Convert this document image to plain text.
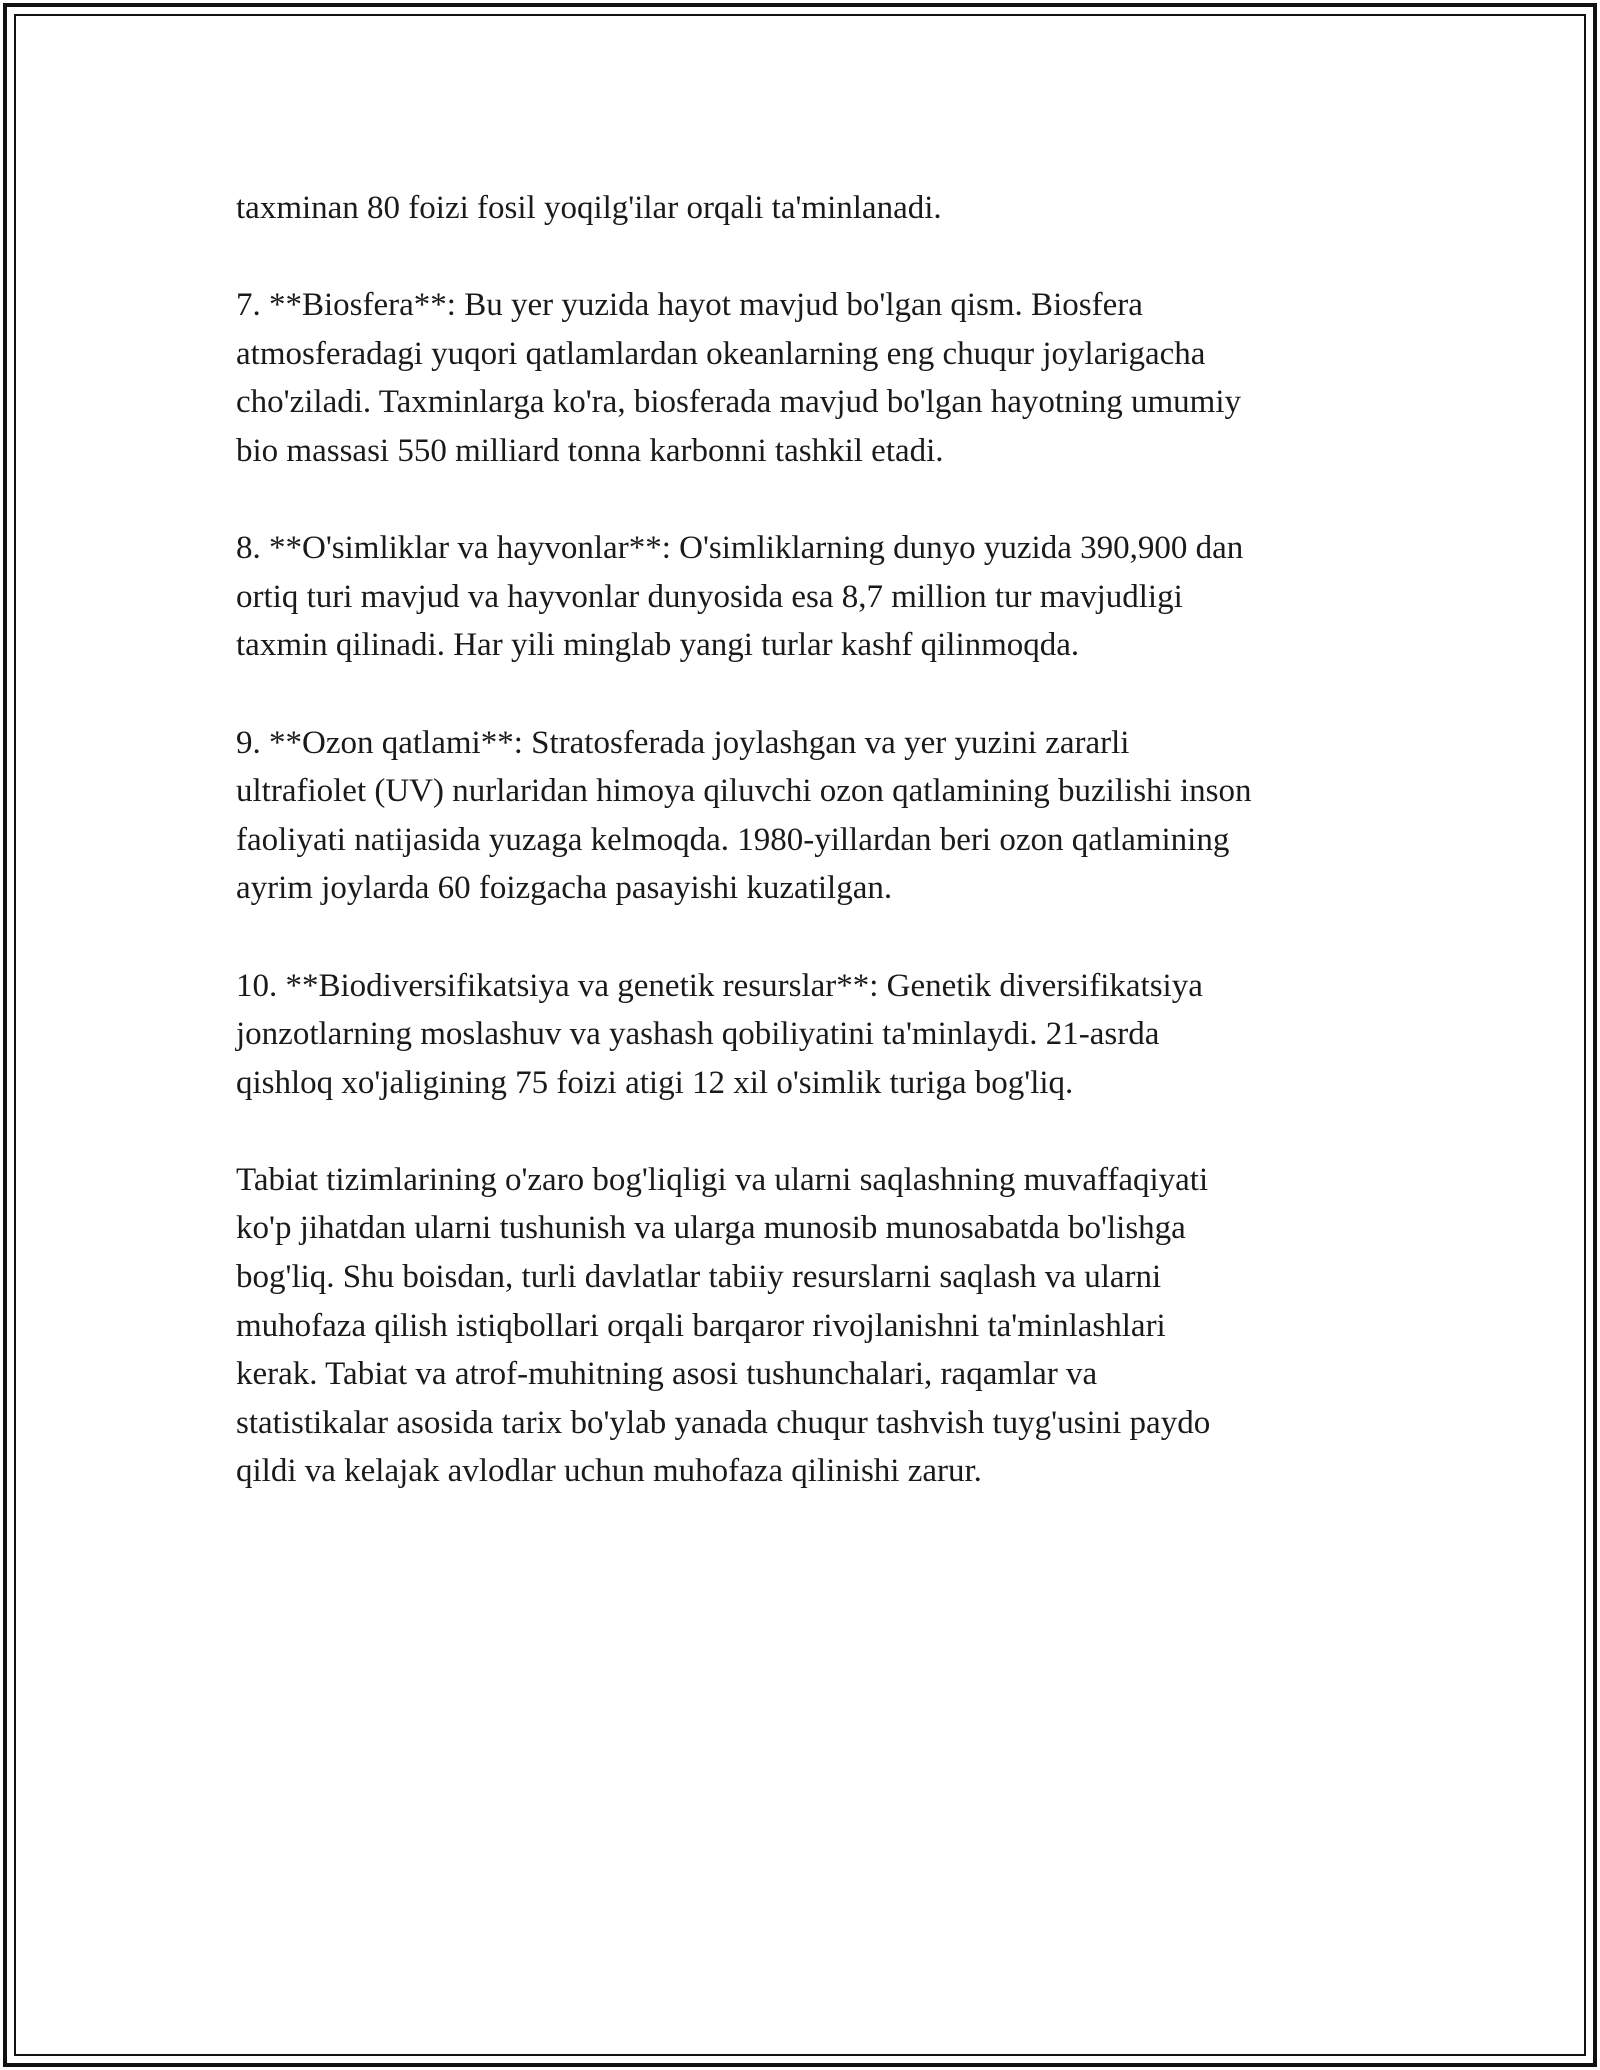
taxminan 80 foizi fosil yoqilg'ilar orqali ta'minlanadi.

7. **Biosfera**: Bu yer yuzida hayot mavjud bo'lgan qism. Biosfera
atmosferadagi yuqori qatlamlardan okeanlarning eng chuqur joylarigacha
cho'ziladi. Taxminlarga ko'ra, biosferada mavjud bo'lgan hayotning umumiy
bio massasi 550 milliard tonna karbonni tashkil etadi.

8. **O'simliklar va hayvonlar**: O'simliklarning dunyo yuzida 390,900 dan
ortiq turi mavjud va hayvonlar dunyosida esa 8,7 million tur mavjudligi
taxmin qilinadi. Har yili minglab yangi turlar kashf qilinmoqda.

9. **Ozon qatlami**: Stratosferada joylashgan va yer yuzini zararli
ultrafiolet (UV) nurlaridan himoya qiluvchi ozon qatlamining buzilishi inson
faoliyati natijasida yuzaga kelmoqda. 1980-yillardan beri ozon qatlamining
ayrim joylarda 60 foizgacha pasayishi kuzatilgan.

10. **Biodiversifikatsiya va genetik resurslar**: Genetik diversifikatsiya
jonzotlarning moslashuv va yashash qobiliyatini ta'minlaydi. 21-asrda
qishloq xo'jaligining 75 foizi atigi 12 xil o'simlik turiga bog'liq.

Tabiat tizimlarining o'zaro bog'liqligi va ularni saqlashning muvaffaqiyati
ko'p jihatdan ularni tushunish va ularga munosib munosabatda bo'lishga
bog'liq. Shu boisdan, turli davlatlar tabiiy resurslarni saqlash va ularni
muhofaza qilish istiqbollari orqali barqaror rivojlanishni ta'minlashlari
kerak. Tabiat va atrof-muhitning asosi tushunchalari, raqamlar va
statistikalar asosida tarix bo'ylab yanada chuqur tashvish tuyg'usini paydo
qildi va kelajak avlodlar uchun muhofaza qilinishi zarur.
